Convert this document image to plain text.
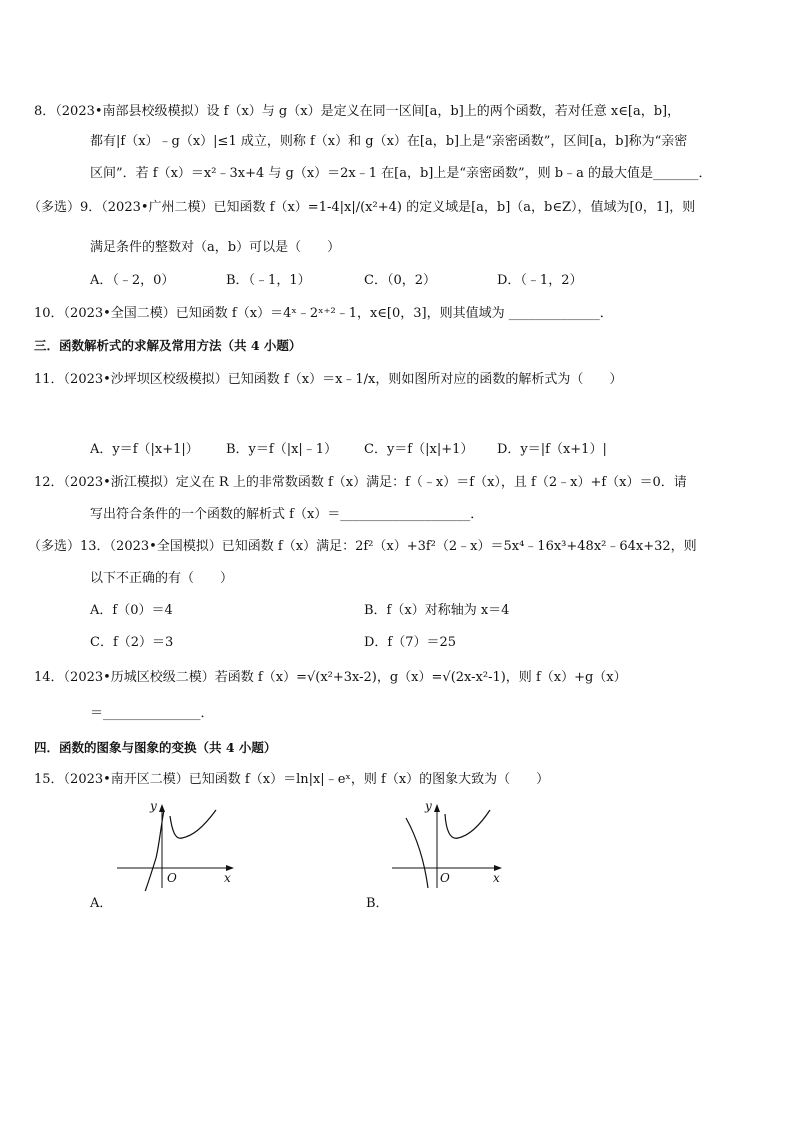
8．（2023•南部县校级模拟）设 f（x）与 g（x）是定义在同一区间[a，b]上的两个函数，若对任意 x∈[a，b]，
都有|f（x）﹣g（x）|≤1 成立，则称 f（x）和 g（x）在[a，b]上是“亲密函数”，区间[a，b]称为“亲密
区间”．若 f（x）＝x²﹣3x+4 与 g（x）＝2x﹣1 在[a，b]上是“亲密函数”，则 b﹣a 的最大值是_______．
（多选）9．（2023•广州二模）已知函数 f（x）=1-4|x|/(x²+4) 的定义域是[a，b]（a，b∈Z），值域为[0，1]，则
满足条件的整数对（a，b）可以是（　　）
A．（﹣2，0）	B．（﹣1，1）	C．（0，2）	D．（﹣1，2）
10．（2023•全国二模）已知函数 f（x）＝4ˣ﹣2ˣ⁺²﹣1，x∈[0，3]，则其值域为 ______________．
三．函数解析式的求解及常用方法（共 4 小题）
11．（2023•沙坪坝区校级模拟）已知函数 f（x）＝x﹣1/x，则如图所对应的函数的解析式为（　　）
A．y＝f（|x+1|） B．y＝f（|x|﹣1） C．y＝f（|x|+1） D．y＝|f（x+1）|
12．（2023•浙江模拟）定义在 R 上的非常数函数 f（x）满足：f（﹣x）＝f（x），且 f（2﹣x）+f（x）＝0．请
写出符合条件的一个函数的解析式 f（x）＝____________________．
（多选）13．（2023•全国模拟）已知函数 f（x）满足：2f²（x）+3f²（2﹣x）＝5x⁴﹣16x³+48x²﹣64x+32，则
以下不正确的有（　　）
A．f（0）＝4	B．f（x）对称轴为 x＝4
C．f（2）＝3	D．f（7）＝25
14．（2023•历城区校级二模）若函数 f（x）=√(x²+3x-2)，g（x）=√(2x-x²-1)，则 f（x）+g（x）
＝_______________．
四．函数的图象与图象的变换（共 4 小题）
15．（2023•南开区二模）已知函数 f（x）＝ln|x|﹣eˣ，则 f（x）的图象大致为（　　）
y
x
O
A．
y
x
O
B．
